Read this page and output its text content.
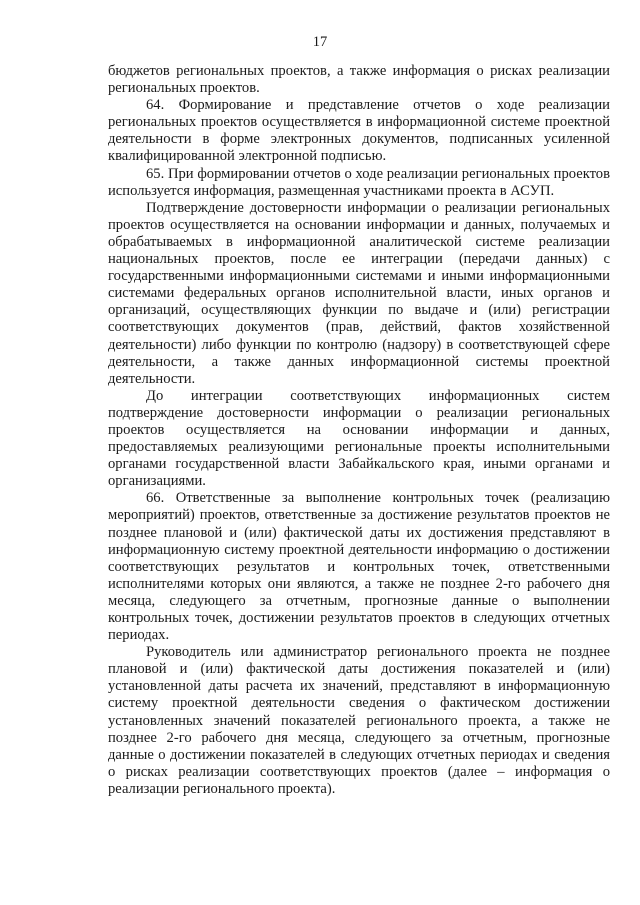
17

бюджетов региональных проектов, а также информация о рисках реализации региональных проектов.

64. Формирование и представление отчетов о ходе реализации региональных проектов осуществляется в информационной системе проектной деятельности в форме электронных документов, подписанных усиленной квалифицированной электронной подписью.

65. При формировании отчетов о ходе реализации региональных проектов используется информация, размещенная участниками проекта в АСУП.

Подтверждение достоверности информации о реализации региональных проектов осуществляется на основании информации и данных, получаемых и обрабатываемых в информационной аналитической системе реализации национальных проектов, после ее интеграции (передачи данных) с государственными информационными системами и иными информационными системами федеральных органов исполнительной власти, иных органов и организаций, осуществляющих функции по выдаче и (или) регистрации соответствующих документов (прав, действий, фактов хозяйственной деятельности) либо функции по контролю (надзору) в соответствующей сфере деятельности, а также данных информационной системы проектной деятельности.

До интеграции соответствующих информационных систем подтверждение достоверности информации о реализации региональных проектов осуществляется на основании информации и данных, предоставляемых реализующими региональные проекты исполнительными органами государственной власти Забайкальского края, иными органами и организациями.

66. Ответственные за выполнение контрольных точек (реализацию мероприятий) проектов, ответственные за достижение результатов проектов не позднее плановой и (или) фактической даты их достижения представляют в информационную систему проектной деятельности информацию о достижении соответствующих результатов и контрольных точек, ответственными исполнителями которых они являются, а также не позднее 2-го рабочего дня месяца, следующего за отчетным, прогнозные данные о выполнении контрольных точек, достижении результатов проектов в следующих отчетных периодах.

Руководитель или администратор регионального проекта не позднее плановой и (или) фактической даты достижения показателей и (или) установленной даты расчета их значений, представляют в информационную систему проектной деятельности сведения о фактическом достижении установленных значений показателей регионального проекта, а также не позднее 2-го рабочего дня месяца, следующего за отчетным, прогнозные данные о достижении показателей в следующих отчетных периодах и сведения о рисках реализации соответствующих проектов (далее – информация о реализации регионального проекта).
